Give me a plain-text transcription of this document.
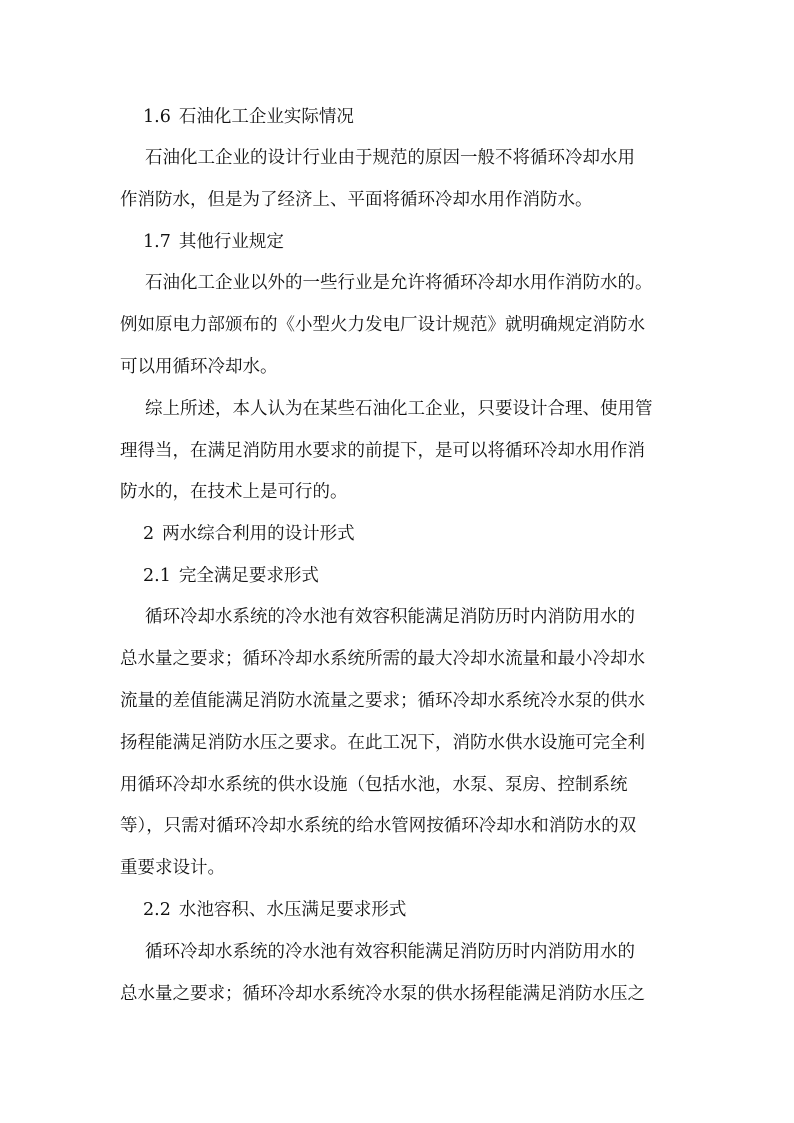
1.6 石油化工企业实际情况
石油化工企业的设计行业由于规范的原因一般不将循环冷却水用
作消防水，但是为了经济上、平面将循环冷却水用作消防水。
1.7 其他行业规定
石油化工企业以外的一些行业是允许将循环冷却水用作消防水的。
例如原电力部颁布的《小型火力发电厂设计规范》就明确规定消防水
可以用循环冷却水。
综上所述，本人认为在某些石油化工企业，只要设计合理、使用管
理得当，在满足消防用水要求的前提下，是可以将循环冷却水用作消
防水的，在技术上是可行的。
2 两水综合利用的设计形式
2.1 完全满足要求形式
循环冷却水系统的冷水池有效容积能满足消防历时内消防用水的
总水量之要求；循环冷却水系统所需的最大冷却水流量和最小冷却水
流量的差值能满足消防水流量之要求；循环冷却水系统冷水泵的供水
扬程能满足消防水压之要求。在此工况下，消防水供水设施可完全利
用循环冷却水系统的供水设施（包括水池，水泵、泵房、控制系统
等），只需对循环冷却水系统的给水管网按循环冷却水和消防水的双
重要求设计。
2.2 水池容积、水压满足要求形式
循环冷却水系统的冷水池有效容积能满足消防历时内消防用水的
总水量之要求；循环冷却水系统冷水泵的供水扬程能满足消防水压之
